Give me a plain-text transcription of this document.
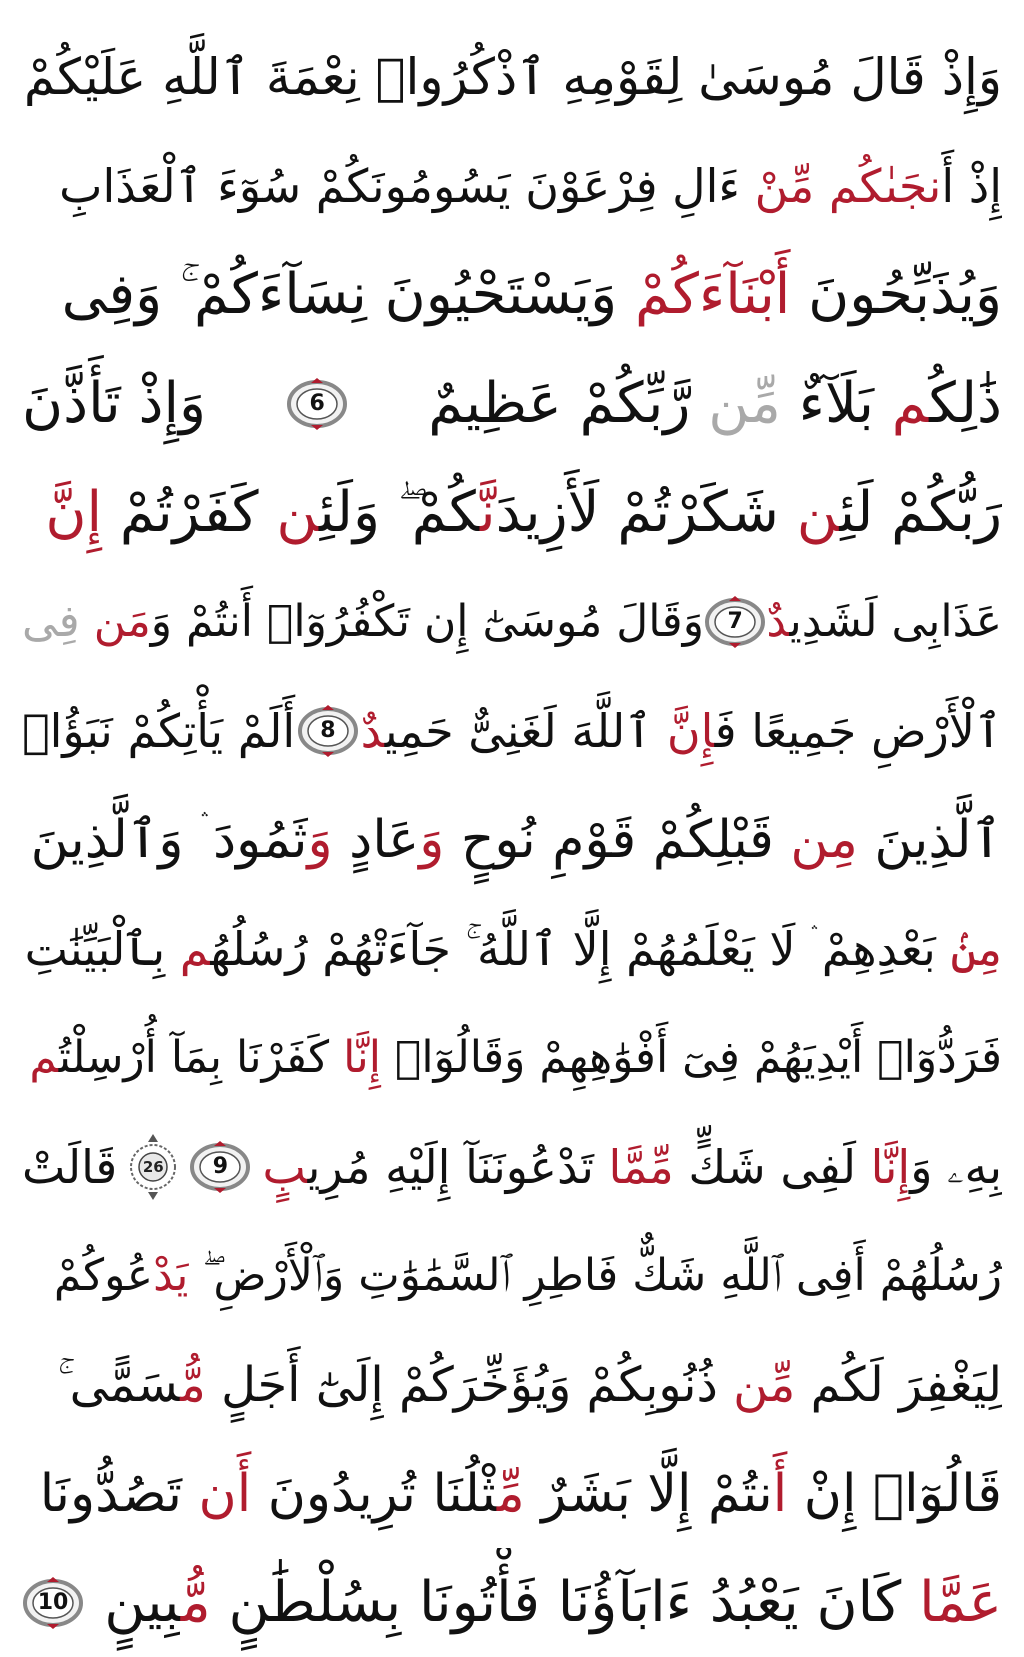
وَإِذْ قَالَ مُوسَىٰ لِقَوْمِهِ ٱذْكُرُوا۟ نِعْمَةَ ٱللَّهِ عَلَيْكُمْ
إِذْ أَنجَىٰكُم مِّنْ ءَالِ فِرْعَوْنَ يَسُومُونَكُمْ سُوٓءَ ٱلْعَذَابِ
وَيُذَبِّحُونَ أَبْنَآءَكُمْ وَيَسْتَحْيُونَ نِسَآءَكُمْ ۚ وَفِى
ذَٰلِكُم بَلَآءٌ مِّن رَّبِّكُمْ عَظِيمٌ
6
وَإِذْ تَأَذَّنَ
رَبُّكُمْ لَئِن شَكَرْتُمْ لَأَزِيدَنَّكُمْ ۖ وَلَئِن كَفَرْتُمْ إِنَّ
عَذَابِى لَشَدِيدٌ
7
وَقَالَ مُوسَىٰٓ إِن تَكْفُرُوٓا۟ أَنتُمْ وَمَن فِى
ٱلْأَرْضِ جَمِيعًا فَإِنَّ ٱللَّهَ لَغَنِىٌّ حَمِيدٌ
8
أَلَمْ يَأْتِكُمْ نَبَؤُا۟
ٱلَّذِينَ مِن قَبْلِكُمْ قَوْمِ نُوحٍ وَعَادٍ وَثَمُودَ ۛ وَٱلَّذِينَ
مِنۢ بَعْدِهِمْ ۛ لَا يَعْلَمُهُمْ إِلَّا ٱللَّهُ ۚ جَآءَتْهُمْ رُسُلُهُم بِٱلْبَيِّنَٰتِ
فَرَدُّوٓا۟ أَيْدِيَهُمْ فِىٓ أَفْوَٰهِهِمْ وَقَالُوٓا۟ إِنَّا كَفَرْنَا بِمَآ أُرْسِلْتُم
بِهِۦ وَإِنَّا لَفِى شَكٍّ مِّمَّا تَدْعُونَنَآ إِلَيْهِ مُرِيبٍ
9
26
قَالَتْ
رُسُلُهُمْ أَفِى ٱللَّهِ شَكٌّ فَاطِرِ ٱلسَّمَٰوَٰتِ وَٱلْأَرْضِ ۖ يَدْعُوكُمْ
لِيَغْفِرَ لَكُم مِّن ذُنُوبِكُمْ وَيُؤَخِّرَكُمْ إِلَىٰٓ أَجَلٍ مُّسَمًّى ۚ
قَالُوٓا۟ إِنْ أَنتُمْ إِلَّا بَشَرٌ مِّثْلُنَا تُرِيدُونَ أَن تَصُدُّونَا
عَمَّا كَانَ يَعْبُدُ ءَابَآؤُنَا فَأْتُونَا بِسُلْطَٰنٍ مُّبِينٍ
10
